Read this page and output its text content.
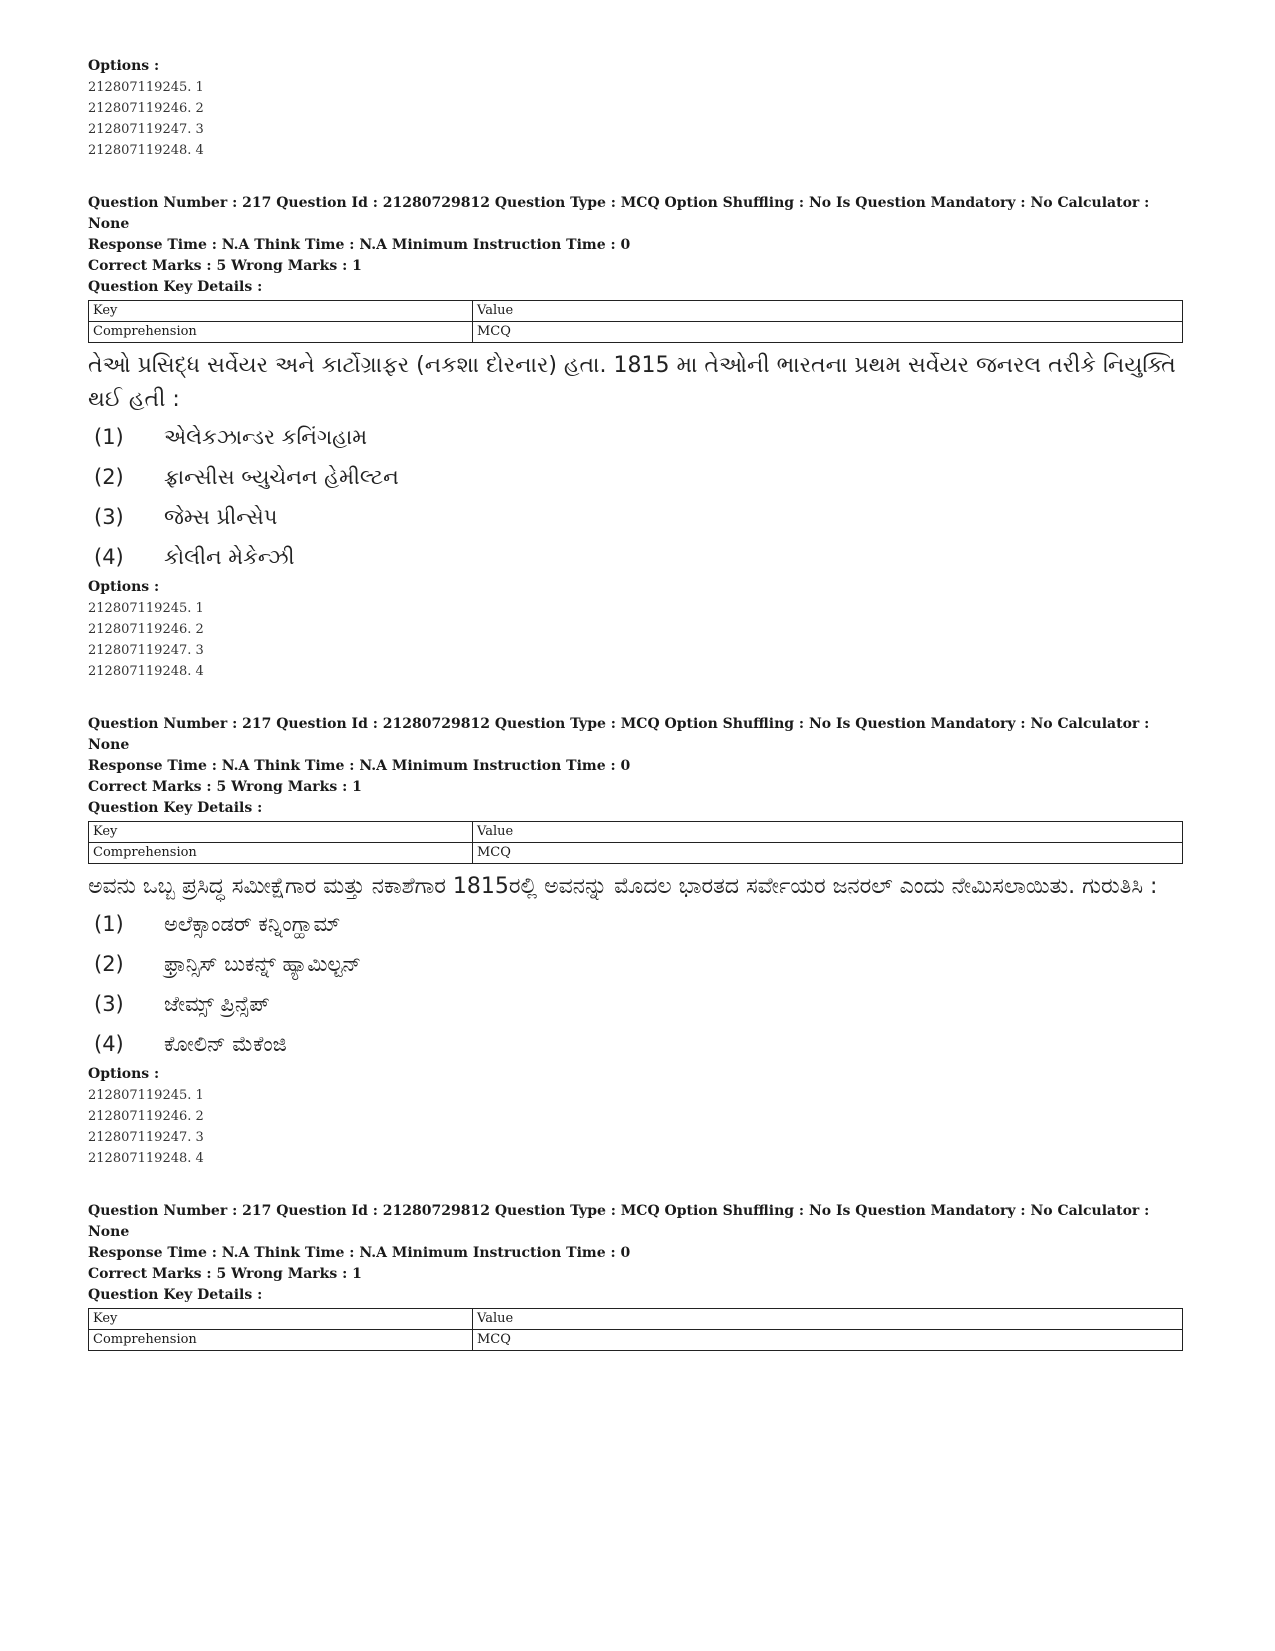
Options :
212807119245. 1
212807119246. 2
212807119247. 3
212807119248. 4
Question Number : 217 Question Id : 21280729812 Question Type : MCQ Option Shuffling : No Is Question Mandatory : No Calculator : None
Response Time : N.A Think Time : N.A Minimum Instruction Time : 0
Correct Marks : 5 Wrong Marks : 1
Question Key Details :
Key	Value
Comprehension	MCQ
તેઓ પ્રસિદ્ધ સર્વેયર અને કાર્ટોગ્રાફર (નકશા દોરનાર) હતા. 1815 મા તેઓની ભારતના પ્રથમ સર્વેયર જનરલ તરીકે નિયુક્તિ થઈ હતી :
(1) એલેકઝાન્ડર કનિંગહામ
(2) ફ્રાન્સીસ બ્યુચેનન હેમીલ્ટન
(3) જેમ્સ પ્રીન્સેપ
(4) કોલીન મેકેન્ઝી
Options :
212807119245. 1
212807119246. 2
212807119247. 3
212807119248. 4
Question Number : 217 Question Id : 21280729812 Question Type : MCQ Option Shuffling : No Is Question Mandatory : No Calculator : None
Response Time : N.A Think Time : N.A Minimum Instruction Time : 0
Correct Marks : 5 Wrong Marks : 1
Question Key Details :
Key	Value
Comprehension	MCQ
ಅವನು ಒಬ್ಬ ಪ್ರಸಿದ್ಧ ಸಮೀಕ್ಷೆಗಾರ ಮತ್ತು ನಕಾಶೆಗಾರ 1815ರಲ್ಲಿ ಅವನನ್ನು ಮೊದಲ ಭಾರತದ ಸರ್ವೇಯರ ಜನರಲ್ ಎಂದು ನೇಮಿಸಲಾಯಿತು. ಗುರುತಿಸಿ :
(1) ಅಲೆಕ್ಸಾಂಡರ್ ಕನ್ನಿಂಗ್ಹಾಮ್
(2) ಫ್ರಾನ್ಸಿಸ್ ಬುಕನ್ನ್ ಹ್ಯಾಮಿಲ್ಟನ್
(3) ಜೇಮ್ಸ್ ಪ್ರಿನ್ಸೆಪ್
(4) ಕೋಲಿನ್ ಮೆಕೆಂಜಿ
Options :
212807119245. 1
212807119246. 2
212807119247. 3
212807119248. 4
Question Number : 217 Question Id : 21280729812 Question Type : MCQ Option Shuffling : No Is Question Mandatory : No Calculator : None
Response Time : N.A Think Time : N.A Minimum Instruction Time : 0
Correct Marks : 5 Wrong Marks : 1
Question Key Details :
Key	Value
Comprehension	MCQ
